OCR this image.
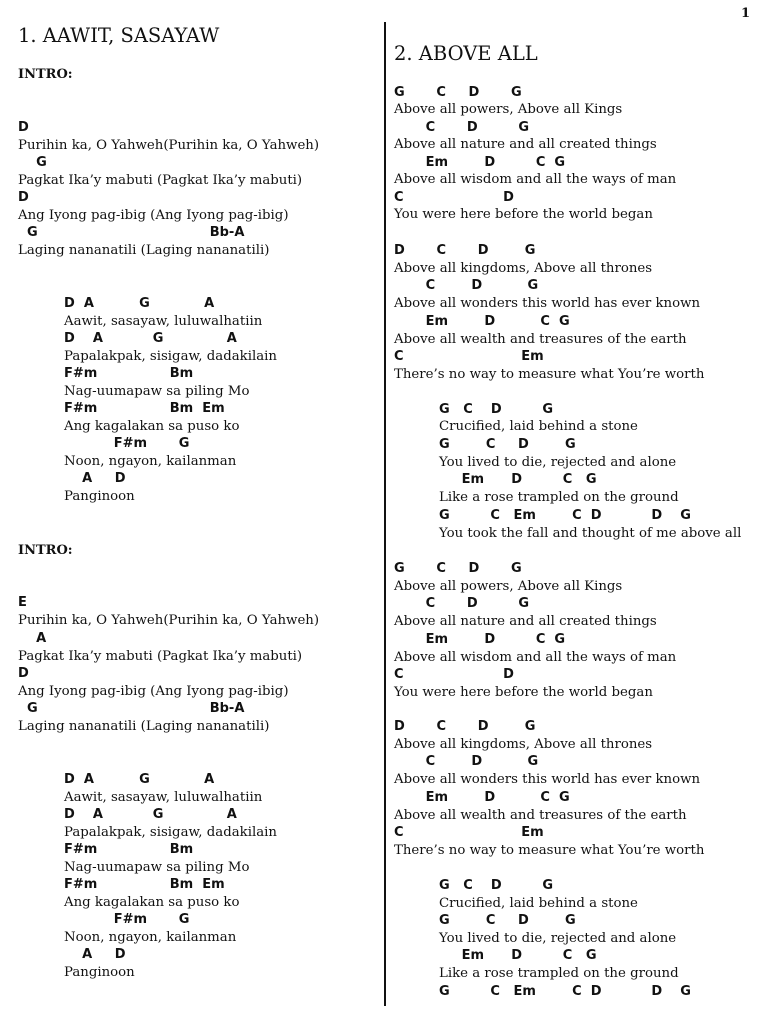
1
1. AAWIT, SASAYAW
INTRO:
D
Purihin ka, O Yahweh(Purihin ka, O Yahweh)
G
Pagkat Ika’y mabuti (Pagkat Ika’y mabuti)
D
Ang Iyong pag-ibig (Ang Iyong pag-ibig)
G                                      Bb-A
Laging nananatili (Laging nananatili)
D  A          G            A
Aawit, sasayaw, luluwalhatiin
D    A           G              A
Papalakpak, sisigaw, dadakilain
F#m                Bm
Nag-uumapaw sa piling Mo
F#m                Bm  Em
Ang kagalakan sa puso ko
F#m       G
Noon, ngayon, kailanman
A     D
Panginoon
INTRO:
E
Purihin ka, O Yahweh(Purihin ka, O Yahweh)
A
Pagkat Ika’y mabuti (Pagkat Ika’y mabuti)
D
Ang Iyong pag-ibig (Ang Iyong pag-ibig)
G                                      Bb-A
Laging nananatili (Laging nananatili)
D  A          G            A
Aawit, sasayaw, luluwalhatiin
D    A           G              A
Papalakpak, sisigaw, dadakilain
F#m                Bm
Nag-uumapaw sa piling Mo
F#m                Bm  Em
Ang kagalakan sa puso ko
F#m       G
Noon, ngayon, kailanman
A     D
Panginoon
2. ABOVE ALL
G       C     D       G
Above all powers, Above all Kings
C       D         G
Above all nature and all created things
Em        D         C  G
Above all wisdom and all the ways of man
C                      D
You were here before the world began
D       C       D        G
Above all kingdoms, Above all thrones
C        D          G
Above all wonders this world has ever known
Em        D          C  G
Above all wealth and treasures of the earth
C                          Em
There’s no way to measure what You’re worth
G   C    D         G
Crucified, laid behind a stone
G        C     D        G
You lived to die, rejected and alone
Em      D         C   G
Like a rose trampled on the ground
G         C   Em        C  D           D    G
You took the fall and thought of me above all
G       C     D       G
Above all powers, Above all Kings
C       D         G
Above all nature and all created things
Em        D         C  G
Above all wisdom and all the ways of man
C                      D
You were here before the world began
D       C       D        G
Above all kingdoms, Above all thrones
C        D          G
Above all wonders this world has ever known
Em        D          C  G
Above all wealth and treasures of the earth
C                          Em
There’s no way to measure what You’re worth
G   C    D         G
Crucified, laid behind a stone
G        C     D        G
You lived to die, rejected and alone
Em      D         C   G
Like a rose trampled on the ground
G         C   Em        C  D           D    G
